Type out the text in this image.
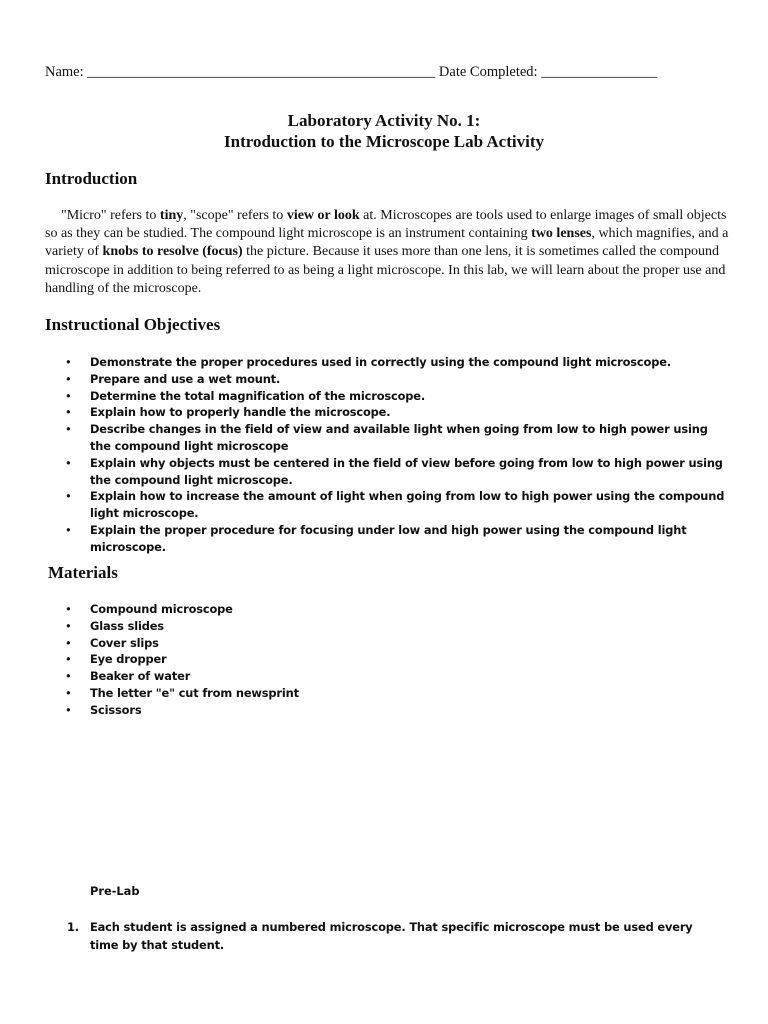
Name: ________________________________________________ Date Completed: ________________
Laboratory Activity No. 1:
Introduction to the Microscope Lab Activity
Introduction
"Micro" refers to tiny, "scope" refers to view or look at. Microscopes are tools used to enlarge images of small objects so as they can be studied. The compound light microscope is an instrument containing two lenses, which magnifies, and a variety of knobs to resolve (focus) the picture. Because it uses more than one lens, it is sometimes called the compound microscope in addition to being referred to as being a light microscope. In this lab, we will learn about the proper use and handling of the microscope.
Instructional Objectives
• Demonstrate the proper procedures used in correctly using the compound light microscope.
• Prepare and use a wet mount.
• Determine the total magnification of the microscope.
• Explain how to properly handle the microscope.
• Describe changes in the field of view and available light when going from low to high power using the compound light microscope
• Explain why objects must be centered in the field of view before going from low to high power using the compound light microscope.
• Explain how to increase the amount of light when going from low to high power using the compound light microscope.
• Explain the proper procedure for focusing under low and high power using the compound light microscope.
Materials
• Compound microscope
• Glass slides
• Cover slips
• Eye dropper
• Beaker of water
• The letter "e" cut from newsprint
• Scissors
Pre-Lab
1. Each student is assigned a numbered microscope. That specific microscope must be used every time by that student.
